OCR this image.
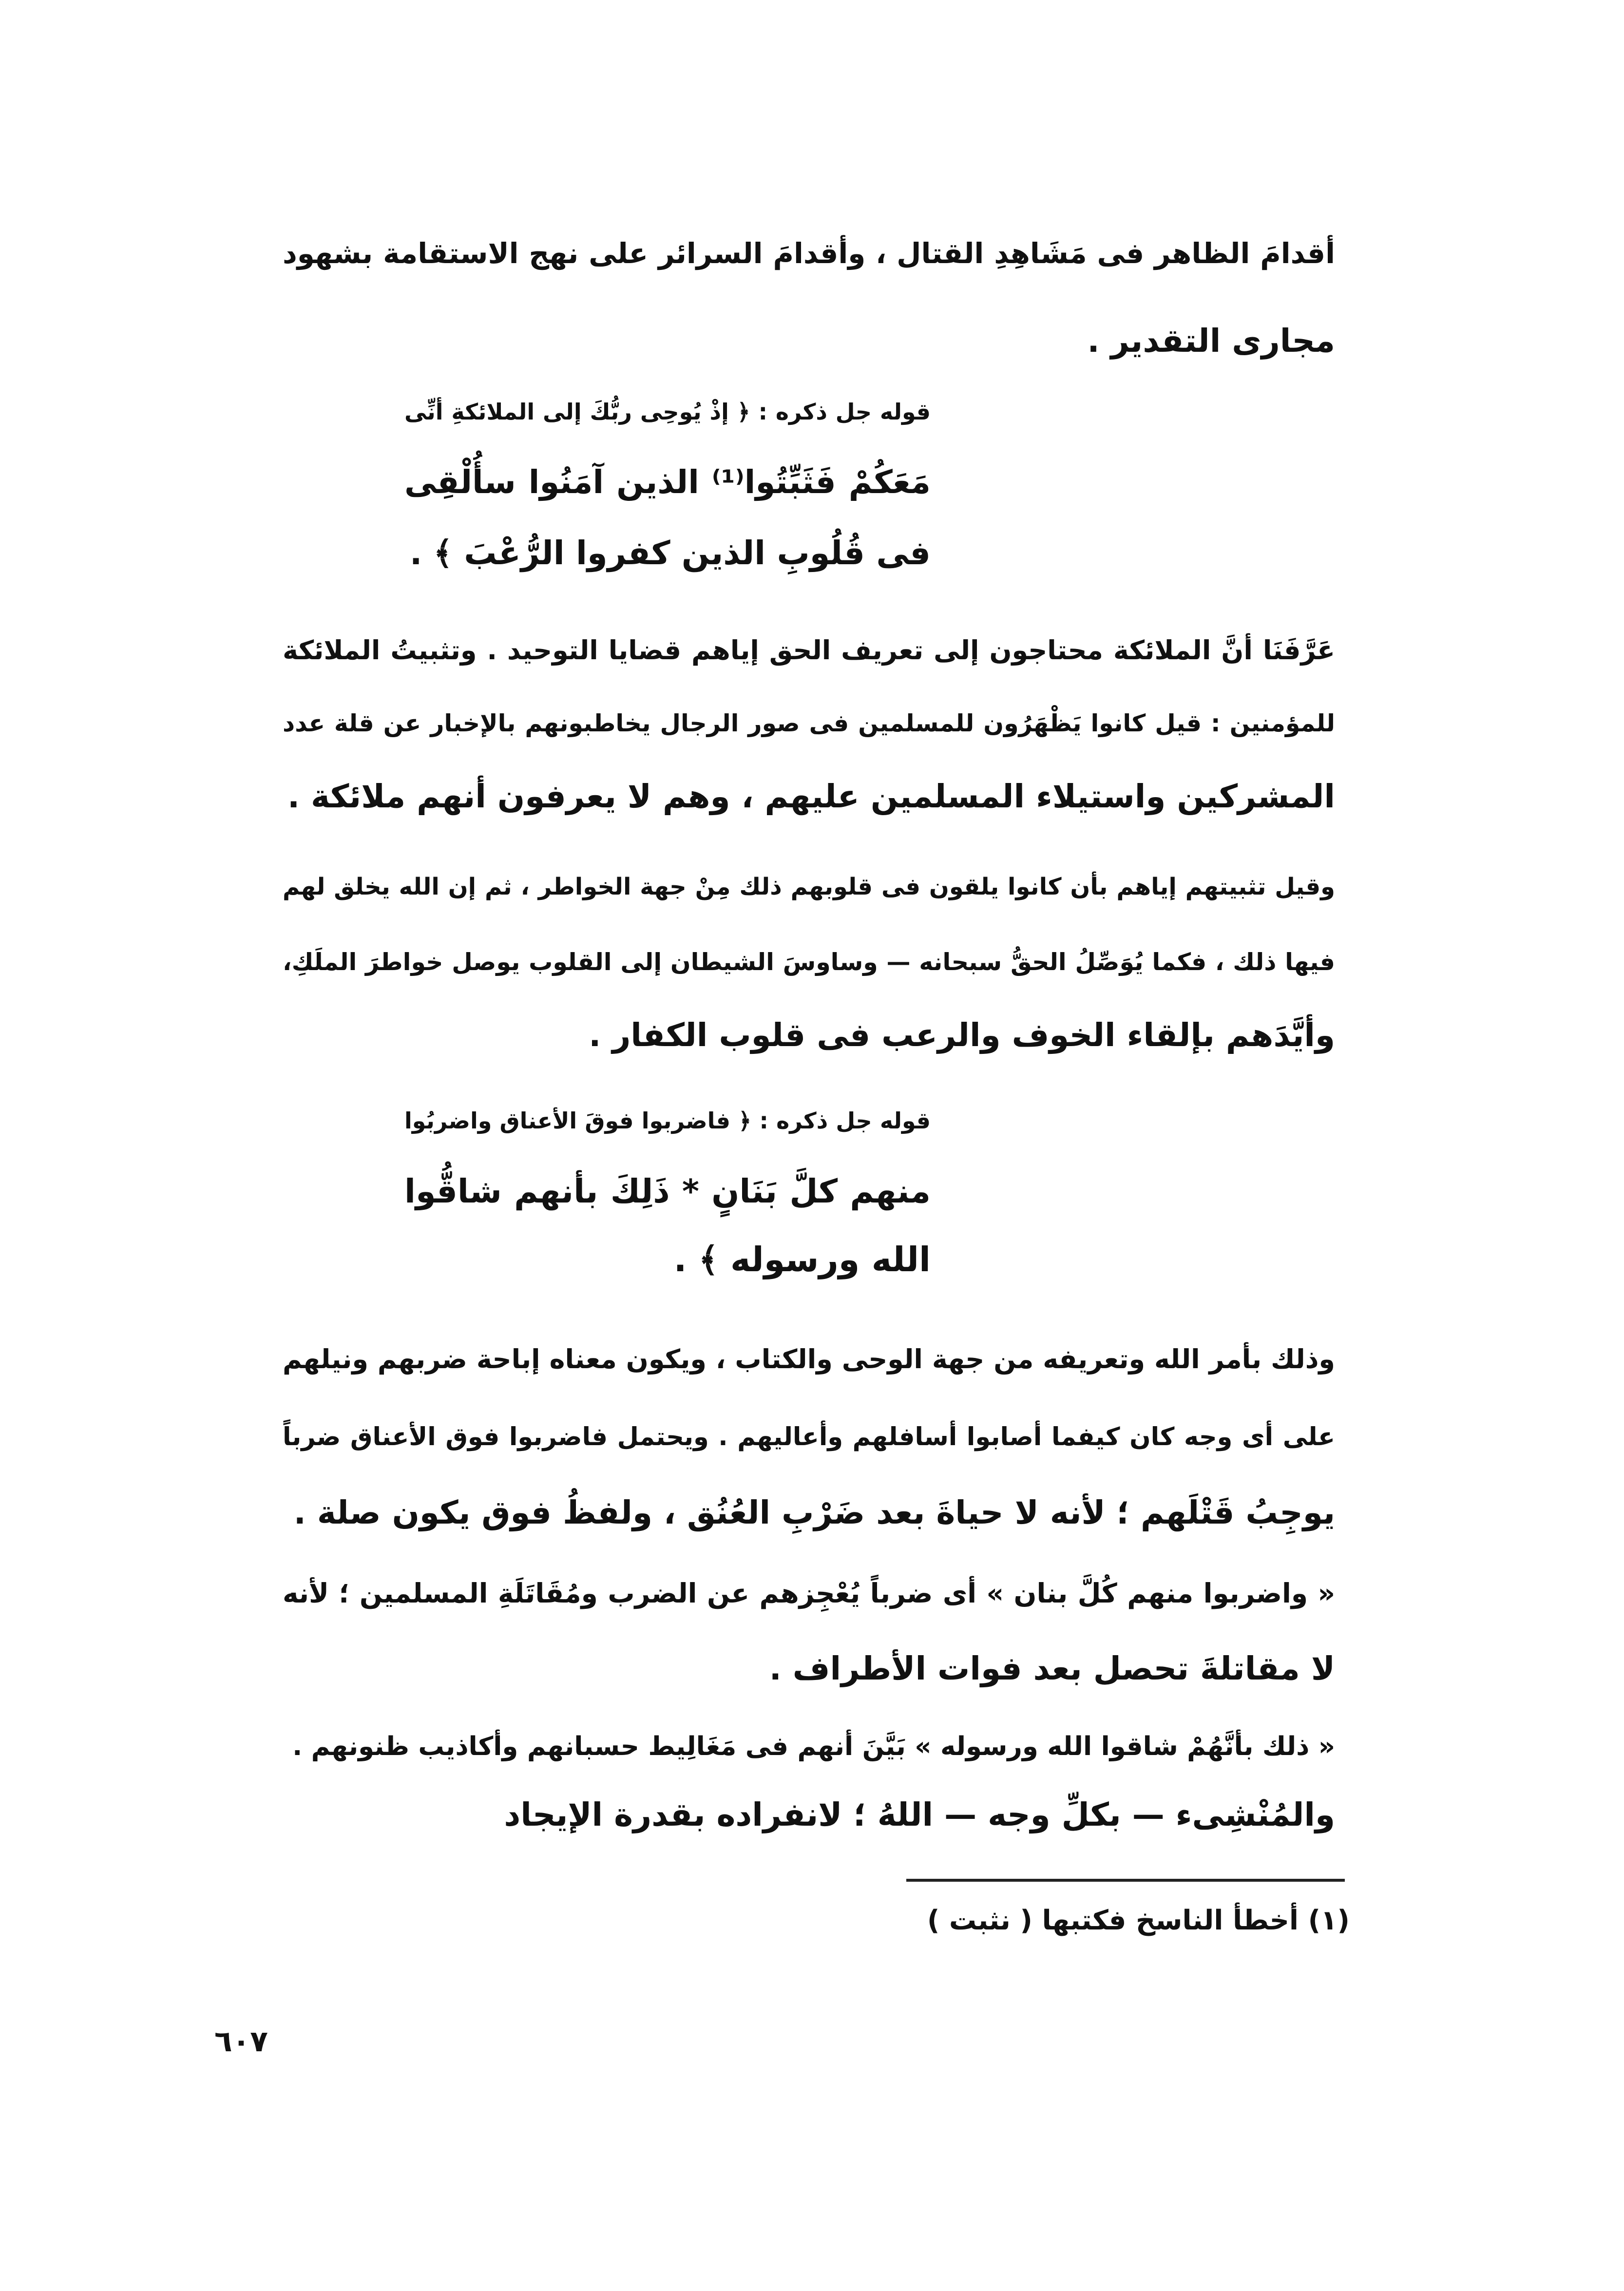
أقدامَ الظاهر فى مَشَاهِدِ القتال ، وأقدامَ السرائر على نهج الاستقامة بشهود
مجارى التقدير .
قوله جل ذكره : ﴿ إذْ يُوحِى ربُّكَ إلى الملائكةِ أنِّى
مَعَكُمْ فَثَبِّتُوا⁽¹⁾ الذين آمَنُوا سأُلْقِى
فى قُلُوبِ الذين كفروا الرُّعْبَ ﴾ .
عَرَّفَنَا أنَّ الملائكة محتاجون إلى تعريف الحق إياهم قضايا التوحيد . وتثبيتُ الملائكة
للمؤمنين : قيل كانوا يَظْهَرُون للمسلمين فى صور الرجال يخاطبونهم بالإخبار عن قلة عدد
المشركين واستيلاء المسلمين عليهم ، وهم لا يعرفون أنهم ملائكة .
وقيل تثبيتهم إياهم بأن كانوا يلقون فى قلوبهم ذلك مِنْ جهة الخواطر ، ثم إن الله يخلق لهم
فيها ذلك ، فكما يُوَصِّلُ الحقُّ سبحانه — وساوسَ الشيطان إلى القلوب يوصل خواطرَ الملَكِ،
وأيَّدَهم بإلقاء الخوف والرعب فى قلوب الكفار .
قوله جل ذكره : ﴿ فاضربوا فوقَ الأعناق واضربُوا
منهم كلَّ بَنَانٍ * ذَلِكَ بأنهم شاقُّوا
الله ورسوله ﴾ .
وذلك بأمر الله وتعريفه من جهة الوحى والكتاب ، ويكون معناه إباحة ضربهم ونيلهم
على أى وجه كان كيفما أصابوا أسافلهم وأعاليهم . ويحتمل فاضربوا فوق الأعناق ضرباً
يوجِبُ قَتْلَهم ؛ لأنه لا حياةَ بعد ضَرْبِ العُنُق ، ولفظُ فوق يكون صلة .
« واضربوا منهم كُلَّ بنان » أى ضرباً يُعْجِزهم عن الضرب ومُقَاتَلَةِ المسلمين ؛ لأنه
لا مقاتلةَ تحصل بعد فوات الأطراف .
« ذلك بأنَّهُمْ شاقوا الله ورسوله » بَيَّنَ أنهم فى مَغَالِيط حسبانهم وأكاذيب ظنونهم .
والمُنْشِىء — بكلِّ وجه — اللهُ ؛ لانفراده بقدرة الإيجاد
(١) أخطأ الناسخ فكتبها ( نثبت )
٦٠٧
